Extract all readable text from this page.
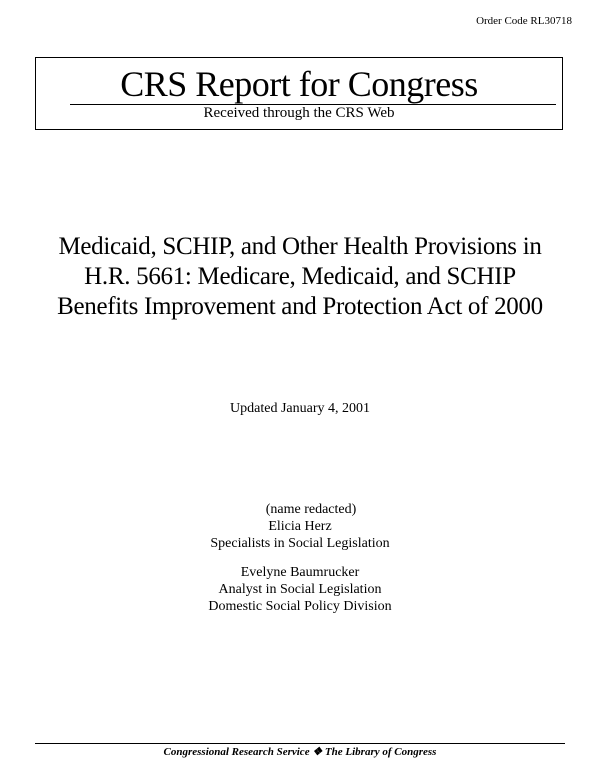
Order Code RL30718
CRS Report for Congress
Received through the CRS Web
Medicaid, SCHIP, and Other Health Provisions in
H.R. 5661: Medicare, Medicaid, and SCHIP
Benefits Improvement and Protection Act of 2000
Updated January 4, 2001
(name redacted)
Elicia Herz
Specialists in Social Legislation
Evelyne Baumrucker
Analyst in Social Legislation
Domestic Social Policy Division
Congressional Research Service ❖ The Library of Congress
